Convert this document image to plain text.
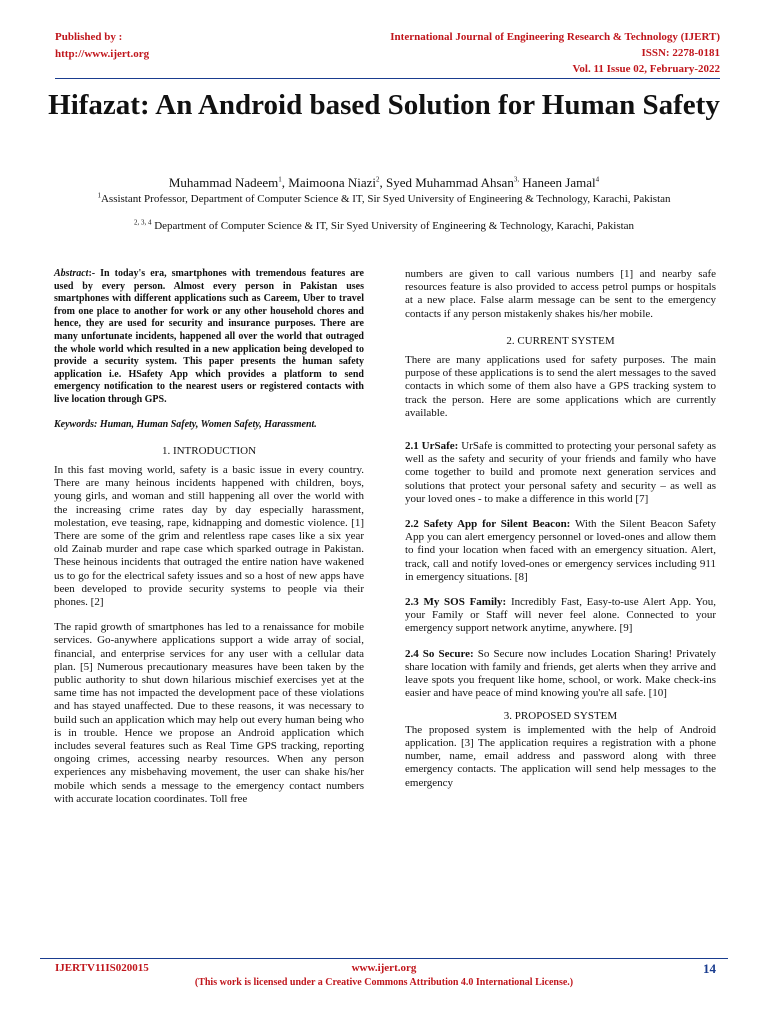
Published by :
http://www.ijert.org
International Journal of Engineering Research & Technology (IJERT)
ISSN: 2278-0181
Vol. 11 Issue 02, February-2022
Hifazat: An Android based Solution for Human Safety
Muhammad Nadeem$^1$, Maimoona Niazi$^2$, Syed Muhammad Ahsan$^{3,}$ Haneen Jamal$^4$
$^1$Assistant Professor, Department of Computer Science & IT, Sir Syed University of Engineering & Technology, Karachi, Pakistan
$^{2, 3, 4}$ Department of Computer Science & IT, Sir Syed University of Engineering & Technology, Karachi, Pakistan

Abstract:- In today's era, smartphones with tremendous features are used by every person. Almost every person in Pakistan uses smartphones with different applications such as Careem, Uber to travel from one place to another for work or any other household chores and hence, they are used for security and insurance purposes. There are many unfortunate incidents, happened all over the world that outraged the whole world which resulted in a new application being developed to provide a security system. This paper presents the human safety application i.e. HSafety App which provides a platform to send emergency notification to the nearest users or registered contacts with live location through GPS.

Keywords: Human, Human Safety, Women Safety, Harassment.

1. INTRODUCTION

In this fast moving world, safety is a basic issue in every country. There are many heinous incidents happened with children, boys, young girls, and woman and still happening all over the world with the increasing crime rates day by day especially harassment, molestation, eve teasing, rape, kidnapping and domestic violence. [1] There are some of the grim and relentless rape cases like a six year old Zainab murder and rape case which sparked outrage in Pakistan. These heinous incidents that outraged the entire nation have wakened us to go for the electrical safety issues and so a host of new apps have been developed to provide security systems to people via their phones. [2]

The rapid growth of smartphones has led to a renaissance for mobile services. Go-anywhere applications support a wide array of social, financial, and enterprise services for any user with a cellular data plan. [5] Numerous precautionary measures have been taken by the public authority to shut down hilarious mischief exercises yet at the same time has not impacted the development pace of these violations and has stayed unaffected. Due to these reasons, it was necessary to build such an application which may help out every human being who is in trouble. Hence we propose an Android application which includes several features such as Real Time GPS tracking, reporting ongoing crimes, accessing nearby resources. When any person experiences any misbehaving movement, the user can shake his/her mobile which sends a message to the emergency contact numbers with accurate location coordinates. Toll free

numbers are given to call various numbers [1] and nearby safe resources feature is also provided to access petrol pumps or hospitals at a new place. False alarm message can be sent to the emergency contacts if any person mistakenly shakes his/her mobile.

2. CURRENT SYSTEM

There are many applications used for safety purposes. The main purpose of these applications is to send the alert messages to the saved contacts in which some of them also have a GPS tracking system to track the person. Here are some applications which are currently available.

2.1 UrSafe: UrSafe is committed to protecting your personal safety as well as the safety and security of your friends and family who have come together to build and promote next generation services and solutions that protect your personal safety and security – as well as your loved ones - to make a difference in this world [7]

2.2 Safety App for Silent Beacon: With the Silent Beacon Safety App you can alert emergency personnel or loved-ones and allow them to find your location when faced with an emergency situation. Alert, track, call and notify loved-ones or emergency services including 911 in emergency situations. [8]

2.3 My SOS Family: Incredibly Fast, Easy-to-use Alert App. You, your Family or Staff will never feel alone. Connected to your emergency support network anytime, anywhere. [9]

2.4 So Secure: So Secure now includes Location Sharing! Privately share location with family and friends, get alerts when they arrive and leave spots you frequent like home, school, or work. Make check-ins easier and have peace of mind knowing you're all safe. [10]

3. PROPOSED SYSTEM

The proposed system is implemented with the help of Android application. [3] The application requires a registration with a phone number, name, email address and password along with three emergency contacts. The application will send help messages to the emergency

IJERTV11IS020015	www.ijert.org	14
(This work is licensed under a Creative Commons Attribution 4.0 International License.)
